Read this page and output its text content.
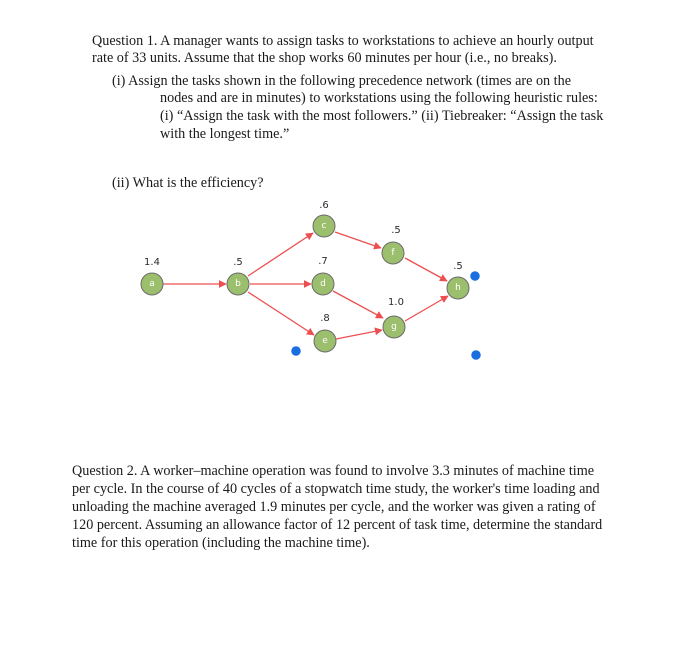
Question 1. A manager wants to assign tasks to workstations to achieve an hourly output

rate of 33 units. Assume that the shop works 60 minutes per hour (i.e., no breaks).

(i) Assign the tasks shown in the following precedence network (times are on the

nodes and are in minutes) to workstations using the following heuristic rules:

(i) “Assign the task with the most followers.” (ii) Tiebreaker: “Assign the task

with the longest time.”

(ii) What is the efficiency?

a
1.4
b
.5
c
.6
d
.7
e
.8
f
.5
g
1.0
h
.5

Question 2. A worker–machine operation was found to involve 3.3 minutes of machine time

per cycle. In the course of 40 cycles of a stopwatch time study, the worker's time loading and

unloading the machine averaged 1.9 minutes per cycle, and the worker was given a rating of

120 percent. Assuming an allowance factor of 12 percent of task time, determine the standard

time for this operation (including the machine time).
